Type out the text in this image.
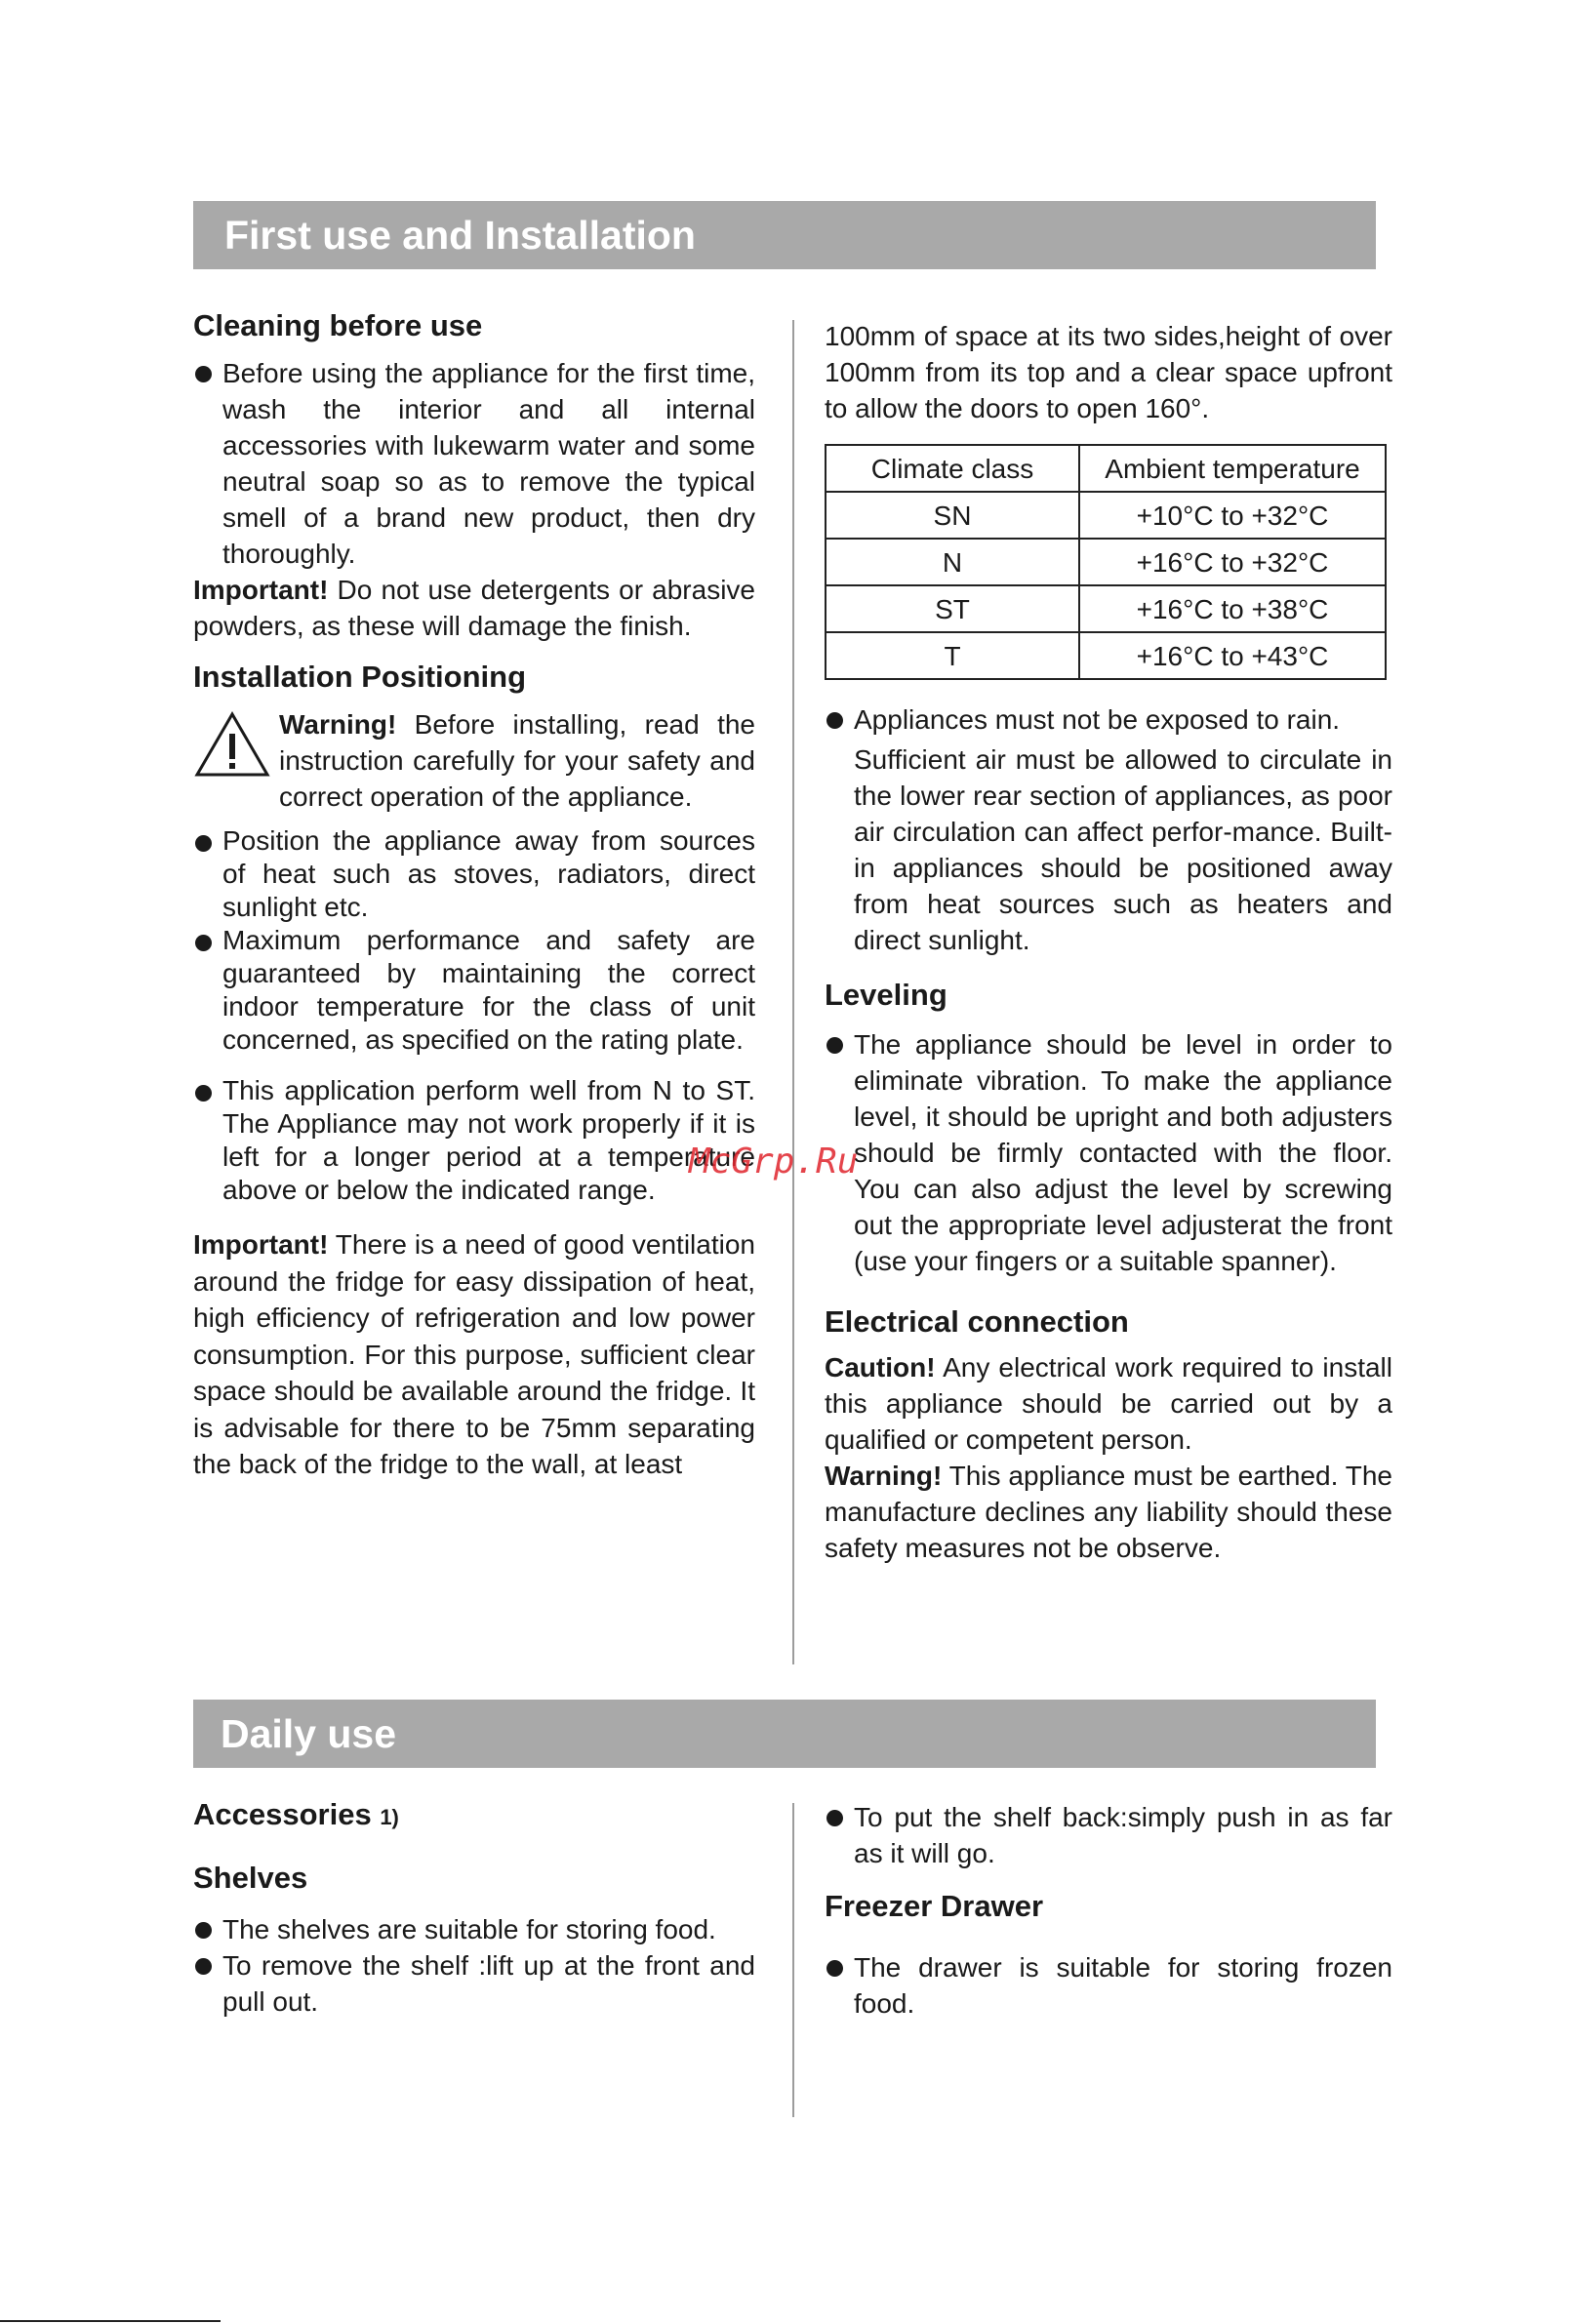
First use and Installation
Cleaning before use
Before using the appliance for the first time, wash the interior and all internal accessories with lukewarm water and some neutral soap so as to remove the typical smell of a brand new product, then dry thoroughly.

Important! Do not use detergents or abrasive powders, as these will damage the finish.

Installation Positioning

Warning! Before installing, read the instruction carefully for your safety and correct operation of the appliance.

Position the appliance away from sources of heat such as stoves, radiators, direct sunlight etc.
Maximum performance and safety are guaranteed by maintaining the correct indoor temperature for the class of unit concerned, as specified on the rating plate.
This application perform well from N to ST. The Appliance may not work properly if it is left for a longer period at a temperature above or below the indicated range.

Important! There is a need of good ventilation around the fridge for easy dissipation of heat, high efficiency of refrigeration and low power consumption. For this purpose, sufficient clear space should be available around the fridge. It is advisable for there to be 75mm separating the back of the fridge to the wall, at least

100mm of space at its two sides,height of over 100mm from its top and a clear space upfront to allow the doors to open 160°.

Climate class	Ambient temperature
SN	+10°C to +32°C
N	+16°C to +32°C
ST	+16°C to +38°C
T	+16°C to +43°C
Appliances must not be exposed to rain.

Sufficient air must be allowed to circulate in the lower rear section of appliances, as poor air circulation can affect perfor-mance. Built-in appliances should be positioned away from heat sources such as heaters and direct sunlight.

Leveling
The appliance should be level in order to eliminate vibration. To make the appliance level, it should be upright and both adjusters should be firmly contacted with the floor. You can also adjust the level by screwing out the appropriate level adjusterat the front (use your fingers or a suitable spanner).
Electrical connection

Caution! Any electrical work required to install this appliance should be carried out by a qualified or competent person.

Warning! This appliance must be earthed. The manufacture declines any liability should these safety measures not be observe.

McGrp.Ru
Daily use
Accessories 1)
Shelves
The shelves are suitable for storing food.
To remove the shelf :lift up at the front and pull out.
To put the shelf back:simply push in as far as it will go.
Freezer Drawer
The drawer is suitable for storing frozen food.
